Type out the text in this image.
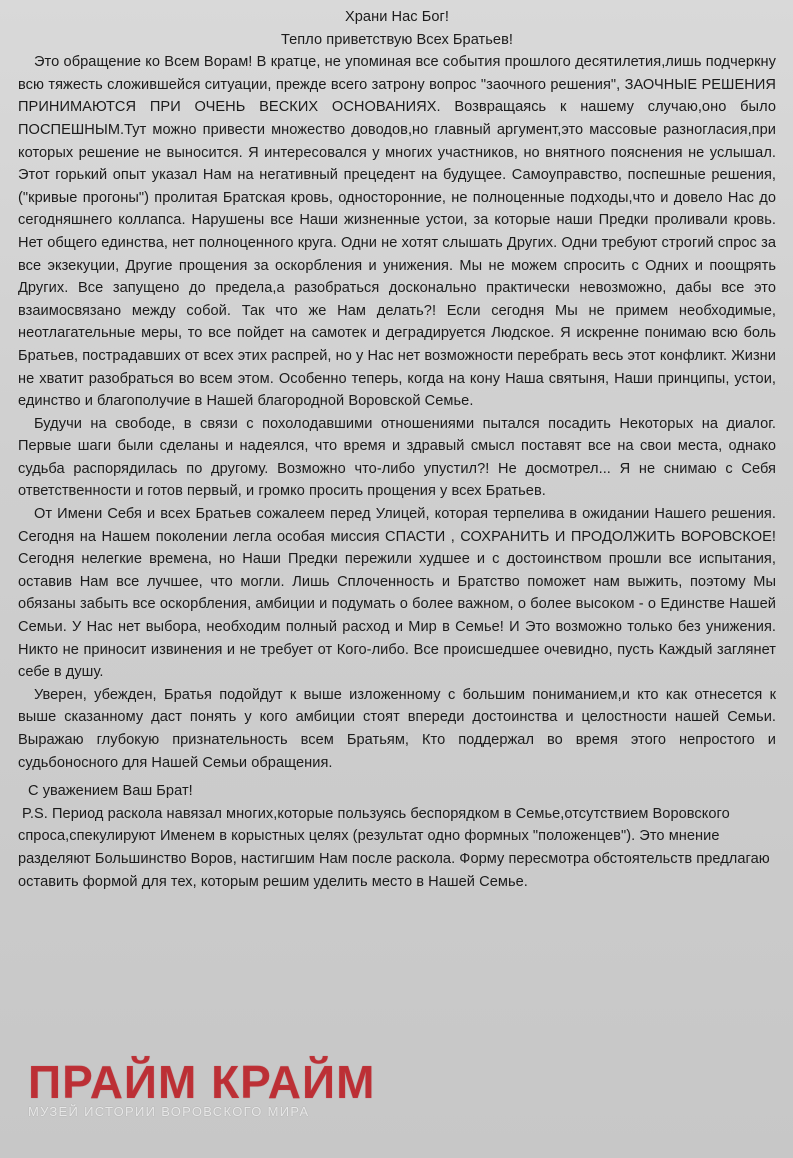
Храни Нас Бог!

Тепло приветствую Всех Братьев!

Это обращение ко Всем Ворам! В кратце, не упоминая все события прошлого десятилетия,лишь подчеркну всю тяжесть сложившейся ситуации, прежде всего затрону вопрос "заочного решения", ЗАОЧНЫЕ РЕШЕНИЯ ПРИНИМАЮТСЯ ПРИ ОЧЕНЬ ВЕСКИХ ОСНОВАНИЯХ. Возвращаясь к нашему случаю,оно было ПОСПЕШНЫМ.Тут можно привести множество доводов,но главный аргумент,это массовые разногласия,при которых решение не выносится. Я интересовался у многих участников, но внятного пояснения не услышал. Этот горький опыт указал Нам на негативный прецедент на будущее. Самоуправство, поспешные решения,("кривые прогоны") пролитая Братская кровь, односторонние, не полноценные подходы,что и довело Нас до сегодняшнего коллапса. Нарушены все Наши жизненные устои, за которые наши Предки проливали кровь. Нет общего единства, нет полноценного круга. Одни не хотят слышать Других. Одни требуют строгий спрос за все экзекуции, Другие прощения за оскорбления и унижения. Мы не можем спросить с Одних и поощрять Других. Все запущено до предела,а разобраться досконально практически невозможно, дабы все это взаимосвязано между собой. Так что же Нам делать?! Если сегодня Мы не примем необходимые, неотлагательные меры, то все пойдет на самотек и деградируется Людское. Я искренне понимаю всю боль Братьев, пострадавших от всех этих распрей, но у Нас нет возможности перебрать весь этот конфликт. Жизни не хватит разобраться во всем этом. Особенно теперь, когда на кону Наша святыня, Наши принципы, устои, единство и благополучие в Нашей благородной Воровской Семье.

Будучи на свободе, в связи с похолодавшими отношениями пытался посадить Некоторых на диалог. Первые шаги были сделаны и надеялся, что время и здравый смысл поставят все на свои места, однако судьба распорядилась по другому. Возможно что-либо упустил?! Не досмотрел... Я не снимаю с Себя ответственности и готов первый, и громко просить прощения у всех Братьев.

От Имени Себя и всех Братьев сожалеем перед Улицей, которая терпелива в ожидании Нашего решения. Сегодня на Нашем поколении легла особая миссия СПАСТИ , СОХРАНИТЬ И ПРОДОЛЖИТЬ ВОРОВСКОЕ! Сегодня нелегкие времена, но Наши Предки пережили худшее и с достоинством прошли все испытания, оставив Нам все лучшее, что могли. Лишь Сплоченность и Братство поможет нам выжить, поэтому Мы обязаны забыть все оскорбления, амбиции и подумать о более важном, о более высоком - о Единстве Нашей Семьи. У Нас нет выбора, необходим полный расход и Мир в Семье! И Это возможно только без унижения. Никто не приносит извинения и не требует от Кого-либо. Все происшедшее очевидно, пусть Каждый заглянет себе в душу.

Уверен, убежден, Братья подойдут к выше изложенному с большим пониманием,и кто как отнесется к выше сказанному даст понять у кого амбиции стоят впереди достоинства и целостности нашей Семьи. Выражаю глубокую признательность всем Братьям, Кто поддержал во время этого непростого и судьбоносного для Нашей Семьи обращения.

С уважением Ваш Брат!

P.S. Период раскола навязал многих,которые пользуясь беспорядком в Семье,отсутствием Воровского спроса,спекулируют Именем в корыстных целях (результат одно формных "положенцев"). Это мнение разделяют Большинство Воров, настигшим Нам после раскола. Форму пересмотра обстоятельств предлагаю оставить формой для тех, которым решим уделить место в Нашей Семье.

ПРАЙМ КРАЙМ
МУЗЕЙ ИСТОРИИ ВОРОВСКОГО МИРА
